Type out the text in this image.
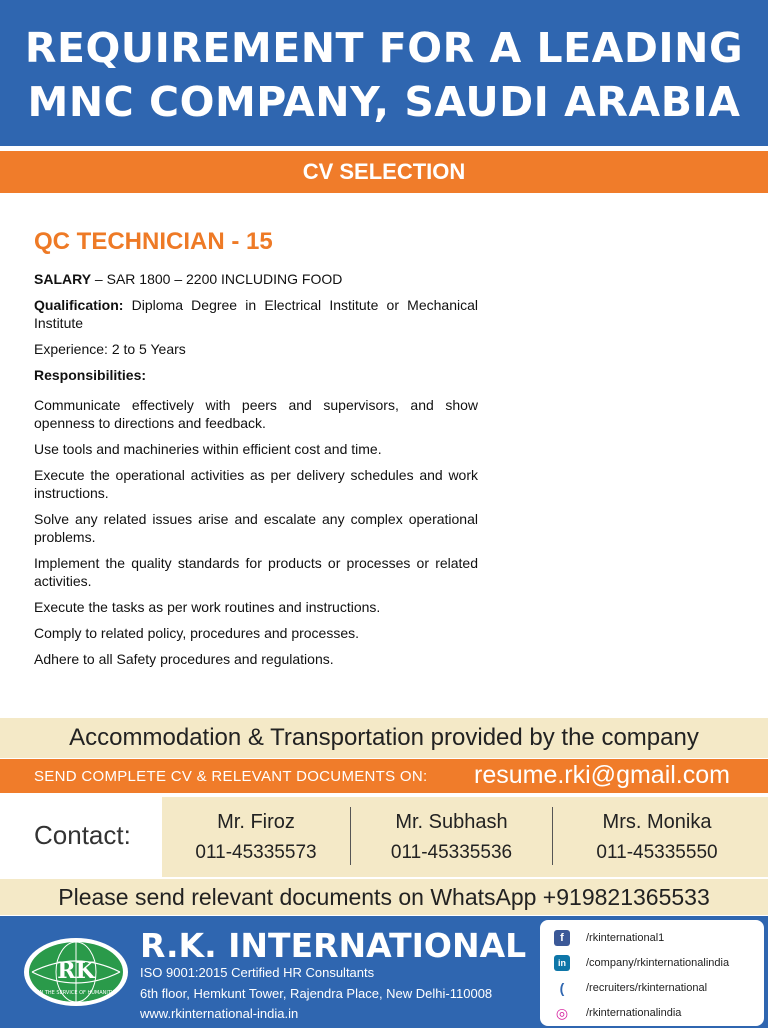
REQUIREMENT FOR A LEADING
MNC COMPANY, SAUDI ARABIA
CV SELECTION
QC TECHNICIAN - 15

SALARY – SAR 1800 – 2200 INCLUDING FOOD

Qualification: Diploma Degree in Electrical Institute or Mechanical Institute

Experience: 2 to 5 Years

Responsibilities:

Communicate effectively with peers and supervisors, and show openness to directions and feedback.

Use tools and machineries within efficient cost and time.

Execute the operational activities as per delivery schedules and work instructions.

Solve any related issues arise and escalate any complex operational problems.

Implement the quality standards for products or processes or related activities.

Execute the tasks as per work routines and instructions.

Comply to related policy, procedures and processes.

Adhere to all Safety procedures and regulations.

Accommodation & Transportation provided by the company
SEND COMPLETE CV & RELEVANT DOCUMENTS ON: resume.rki@gmail.com
Contact:	Mr. Firoz
011-45335573
Mr. Subhash
011-45335536
Mrs. Monika
011-45335550
Please send relevant documents on WhatsApp +919821365533
RK
IN THE SERVICE OF HUMANITY
R.K. INTERNATIONAL
ISO 9001:2015 Certified HR Consultants
6th floor, Hemkunt Tower, Rajendra Place, New Delhi-110008
www.rkinternational-india.in
f	/rkinternational1
in	/company/rkinternationalindia
(	/recruiters/rkinternational
◎ /rkinternationalindia
